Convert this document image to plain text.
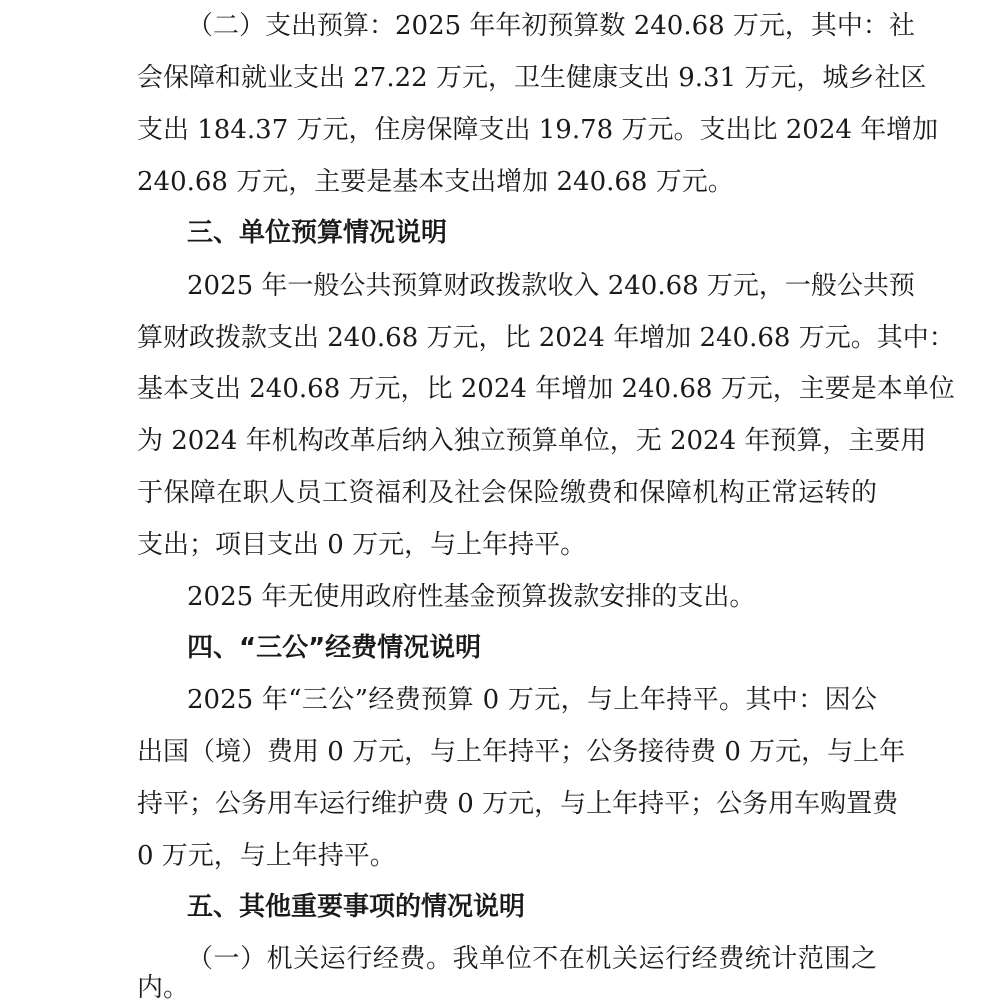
（二）支出预算：2025 年年初预算数 240.68 万元，其中：社
会保障和就业支出 27.22 万元，卫生健康支出 9.31 万元，城乡社区
支出 184.37 万元，住房保障支出 19.78 万元。支出比 2024 年增加
240.68 万元，主要是基本支出增加 240.68 万元。
三、单位预算情况说明
2025 年一般公共预算财政拨款收入 240.68 万元，一般公共预
算财政拨款支出 240.68 万元，比 2024 年增加 240.68 万元。其中：
基本支出 240.68 万元，比 2024 年增加 240.68 万元，主要是本单位
为 2024 年机构改革后纳入独立预算单位，无 2024 年预算，主要用
于保障在职人员工资福利及社会保险缴费和保障机构正常运转的
支出；项目支出 0 万元，与上年持平。
2025 年无使用政府性基金预算拨款安排的支出。
四、“三公”经费情况说明
2025 年“三公”经费预算 0 万元，与上年持平。其中：因公
出国（境）费用 0 万元，与上年持平；公务接待费 0 万元，与上年
持平；公务用车运行维护费 0 万元，与上年持平；公务用车购置费
0 万元，与上年持平。
五、其他重要事项的情况说明
（一）机关运行经费。我单位不在机关运行经费统计范围之
内。
